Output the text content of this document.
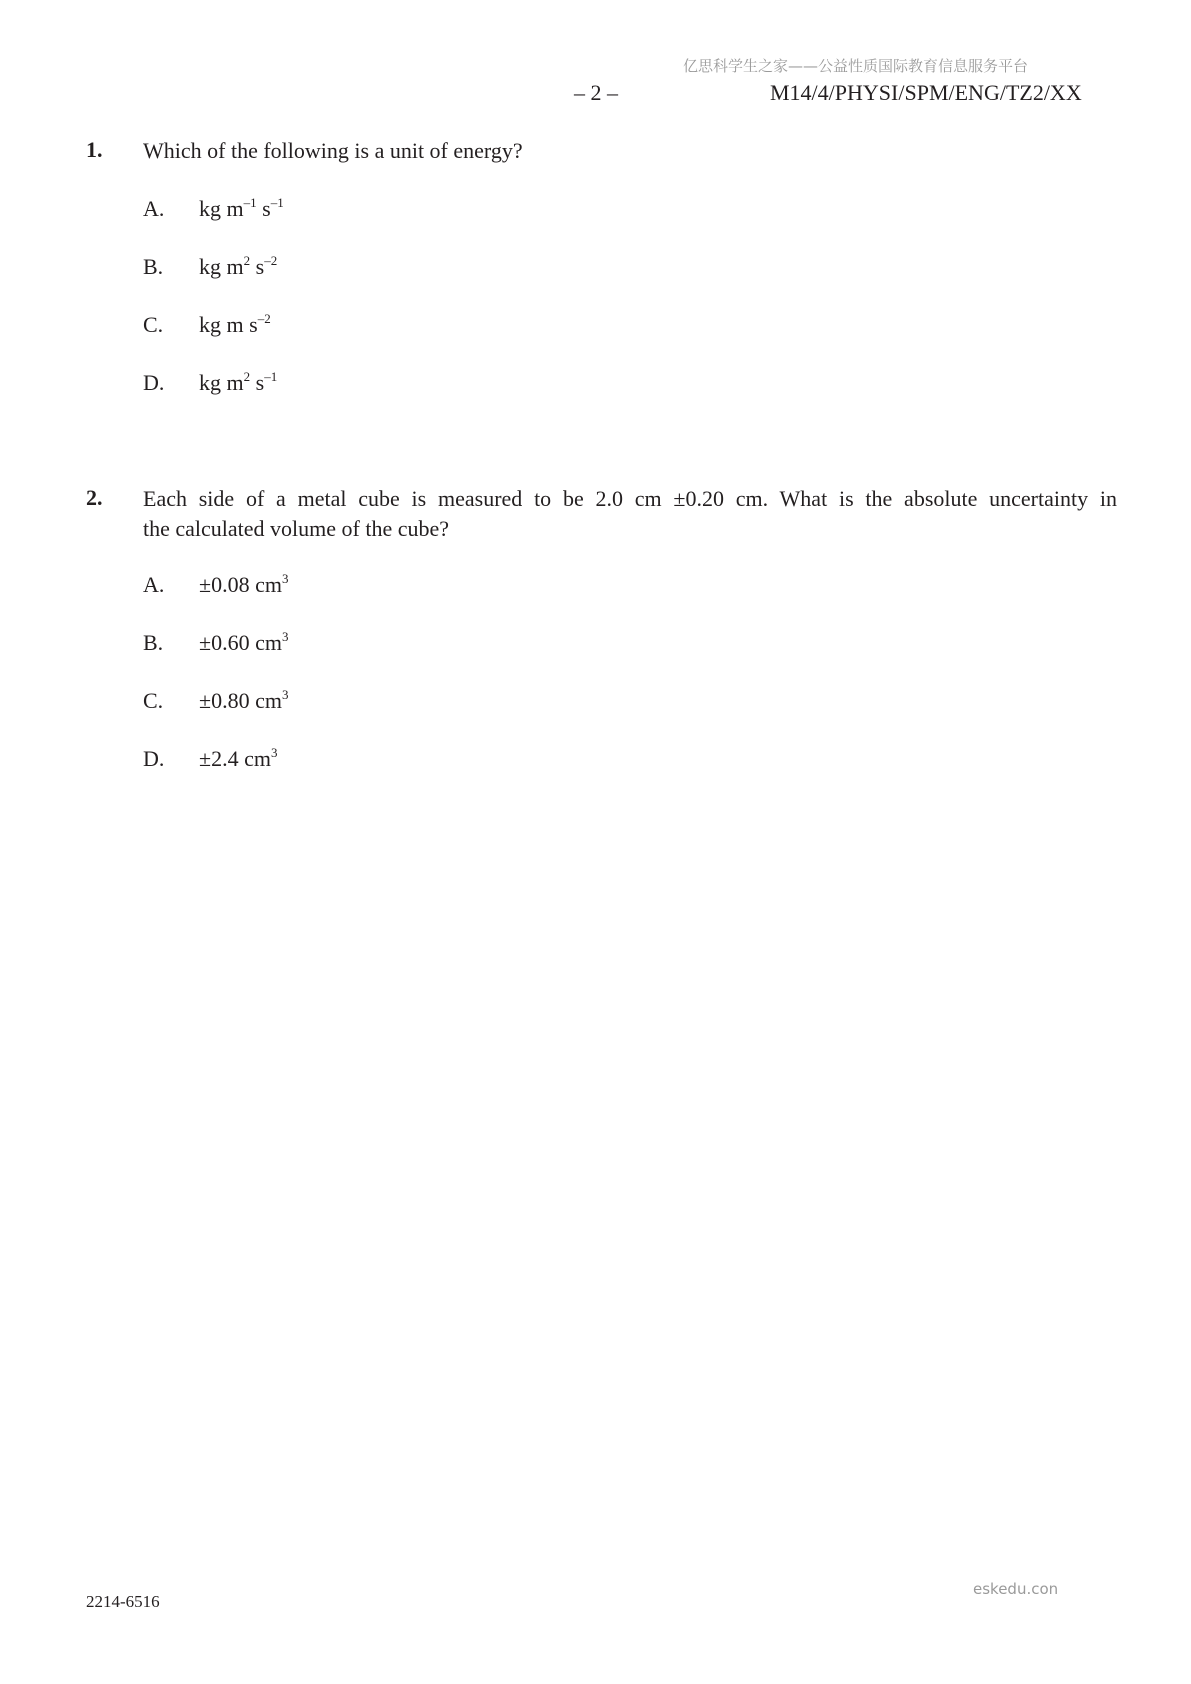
亿思科学生之家——公益性质国际教育信息服务平台
– 2 –	M14/4/PHYSI/SPM/ENG/TZ2/XX
1. Which of the following is a unit of energy?
A. kg $m^{-1}$ $s^{-1}$
B. kg $m^2$ $s^{-2}$
C. kg m $s^{-2}$
D. kg $m^2$ $s^{-1}$
2. Each side of a metal cube is measured to be 2.0 cm ±0.20 cm. What is the absolute uncertainty in
the calculated volume of the cube?
A. ±0.08 $cm^3$
B. ±0.60 $cm^3$
C. ±0.80 $cm^3$
D. ±2.4 $cm^3$
eskedu.con
2214-6516
